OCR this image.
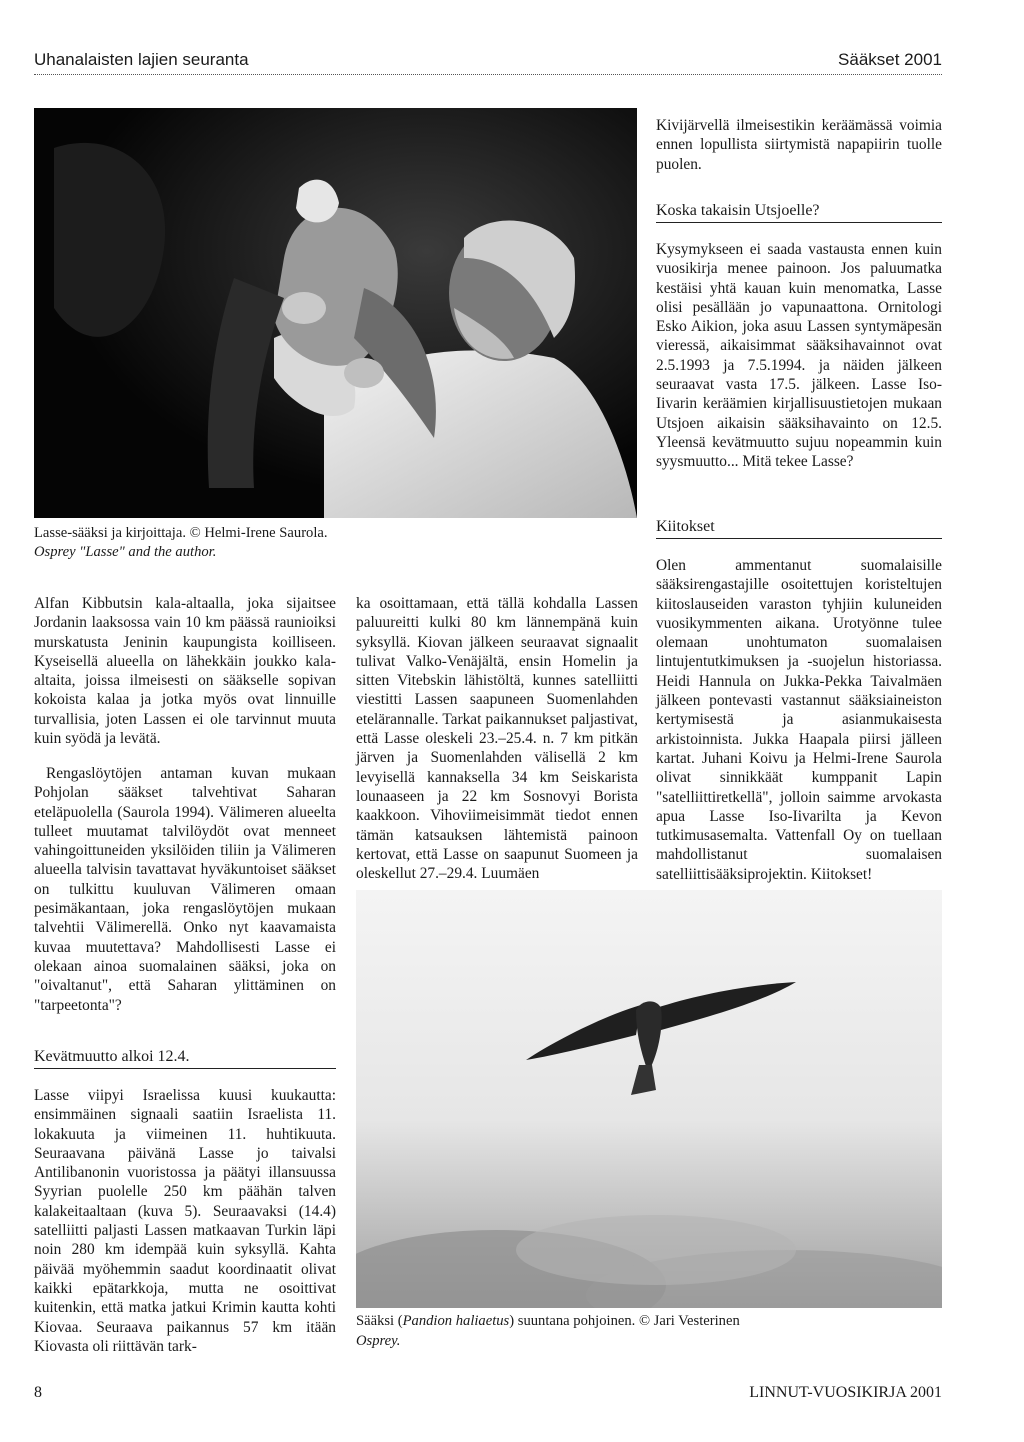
Uhanalaisten lajien seuranta	Sääkset 2001
Lasse-sääksi ja kirjoittaja. © Helmi-Irene Saurola.
Osprey "Lasse" and the author.
Kivijärvellä ilmeisestikin keräämässä voimia ennen lopullista siirtymistä napapiirin tuolle puolen.
Koska takaisin Utsjoelle?
Kysymykseen ei saada vastausta ennen kuin vuosikirja menee painoon. Jos paluumatka kestäisi yhtä kauan kuin menomatka, Lasse olisi pesällään jo vapunaattona. Ornitologi Esko Aikion, joka asuu Lassen syntymäpesän vieressä, aikaisimmat sääksihavainnot ovat 2.5.1993 ja 7.5.1994. ja näiden jälkeen seuraavat vasta 17.5. jälkeen. Lasse Iso-Iivarin keräämien kirjallisuustietojen mukaan Utsjoen aikaisin sääksihavainto on 12.5. Yleensä kevätmuutto sujuu nopeammin kuin syysmuutto... Mitä tekee Lasse?
Kiitokset
Olen ammentanut suomalaisille sääksirengastajille osoitettujen koristeltujen kiitoslauseiden varaston tyhjiin kuluneiden vuosikymmenten aikana. Urotyönne tulee olemaan unohtumaton suomalaisen lintujentutkimuksen ja -suojelun historiassa. Heidi Hannula on Jukka-Pekka Taivalmäen jälkeen pontevasti vastannut sääksiaineiston kertymisestä ja asianmukaisesta arkistoinnista. Jukka Haapala piirsi jälleen kartat. Juhani Koivu ja Helmi-Irene Saurola olivat sinnikkäät kumppanit Lapin "satelliittiretkellä", jolloin saimme arvokasta apua Lasse Iso-Iivarilta ja Kevon tutkimusasemalta. Vattenfall Oy on tuellaan mahdollistanut suomalaisen satelliittisääksiprojektin. Kiitokset!
Alfan Kibbutsin kala-altaalla, joka sijaitsee Jordanin laaksossa vain 10 km päässä raunioiksi murskatusta Jeninin kaupungista koilliseen. Kyseisellä alueella on lähekkäin joukko kala-altaita, joissa ilmeisesti on sääkselle sopivan kokoista kalaa ja jotka myös ovat linnuille turvallisia, joten Lassen ei ole tarvinnut muuta kuin syödä ja levätä.
Rengaslöytöjen antaman kuvan mukaan Pohjolan sääkset talvehtivat Saharan eteläpuolella (Saurola 1994). Välimeren alueelta tulleet muutamat talvilöydöt ovat menneet vahingoittuneiden yksilöiden tiliin ja Välimeren alueella talvisin tavattavat hyväkuntoiset sääkset on tulkittu kuuluvan Välimeren omaan pesimäkantaan, joka rengaslöytöjen mukaan talvehtii Välimerellä. Onko nyt kaavamaista kuvaa muutettava? Mahdollisesti Lasse ei olekaan ainoa suomalainen sääksi, joka on "oivaltanut", että Saharan ylittäminen on "tarpeetonta"?
Kevätmuutto alkoi 12.4.
Lasse viipyi Israelissa kuusi kuukautta: ensimmäinen signaali saatiin Israelista 11. lokakuuta ja viimeinen 11. huhtikuuta. Seuraavana päivänä Lasse jo taivalsi Antilibanonin vuoristossa ja päätyi illansuussa Syyrian puolelle 250 km päähän talven kalakeitaaltaan (kuva 5). Seuraavaksi (14.4) satelliitti paljasti Lassen matkaavan Turkin läpi noin 280 km idempää kuin syksyllä. Kahta päivää myöhemmin saadut koordinaatit olivat kaikki epätarkkoja, mutta ne osoittivat kuitenkin, että matka jatkui Krimin kautta kohti Kiovaa. Seuraava paikannus 57 km itään Kiovasta oli riittävän tark-
ka osoittamaan, että tällä kohdalla Lassen paluureitti kulki 80 km lännempänä kuin syksyllä. Kiovan jälkeen seuraavat signaalit tulivat Valko-Venäjältä, ensin Homelin ja sitten Vitebskin lähistöltä, kunnes satelliitti viestitti Lassen saapuneen Suomenlahden etelärannalle. Tarkat paikannukset paljastivat, että Lasse oleskeli 23.–25.4. n. 7 km pitkän järven ja Suomenlahden välisellä 2 km levyisellä kannaksella 34 km Seiskarista lounaaseen ja 22 km Sosnovyi Borista kaakkoon. Vihoviimeisimmät tiedot ennen tämän katsauksen lähtemistä painoon kertovat, että Lasse on saapunut Suomeen ja oleskellut 27.–29.4. Luumäen
Sääksi (Pandion haliaetus) suuntana pohjoinen. © Jari Vesterinen
Osprey.
8	LINNUT-VUOSIKIRJA 2001
